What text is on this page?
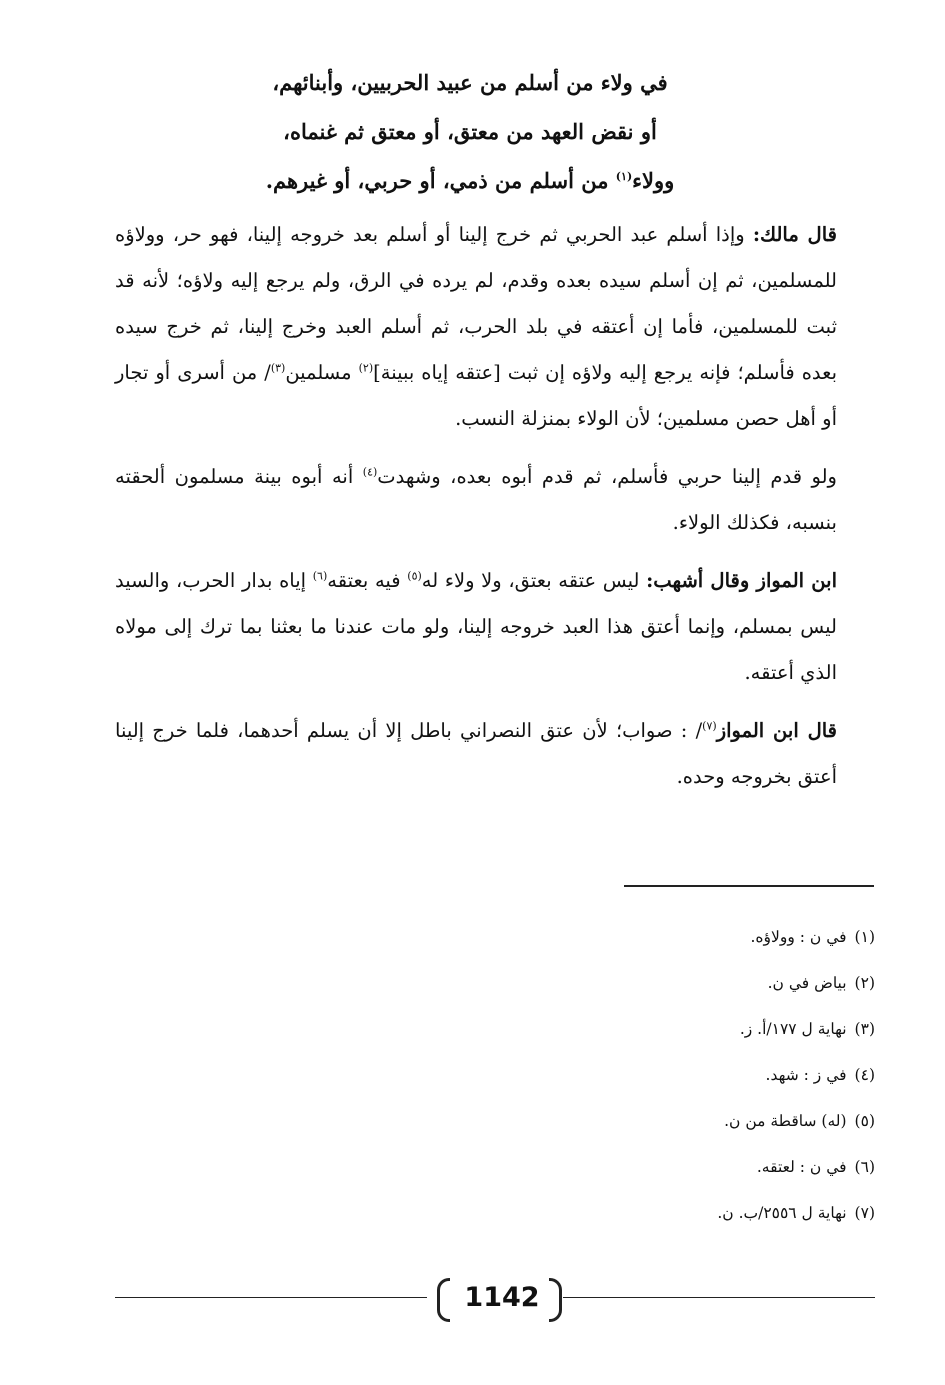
في ولاء من أسلم من عبيد الحربيين، وأبنائهم،
أو نقض العهد من معتق، أو معتق ثم غنماه،
وولاء$^{(١)}$ من أسلم من ذمي، أو حربي، أو غيرهم.

قال مالك: وإذا أسلم عبد الحربي ثم خرج إلينا أو أسلم بعد خروجه إلينا، فهو حر، وولاؤه للمسلمين، ثم إن أسلم سيده بعده وقدم، لم يرده في الرق، ولم يرجع إليه ولاؤه؛ لأنه قد ثبت للمسلمين، فأما إن أعتقه في بلد الحرب، ثم أسلم العبد وخرج إلينا، ثم خرج سيده بعده فأسلم؛ فإنه يرجع إليه ولاؤه إن ثبت [عتقه إياه ببينة]$^{(٢)}$ مسلمين$^{(٣)}$/ من أسرى أو تجار أو أهل حصن مسلمين؛ لأن الولاء بمنزلة النسب.

ولو قدم إلينا حربي فأسلم، ثم قدم أبوه بعده، وشهدت$^{(٤)}$ أنه أبوه بينة مسلمون ألحقته بنسبه، فكذلك الولاء.

ابن المواز وقال أشهب: ليس عتقه بعتق، ولا ولاء له$^{(٥)}$ فيه بعتقه$^{(٦)}$ إياه بدار الحرب، والسيد ليس بمسلم، وإنما أعتق هذا العبد خروجه إلينا، ولو مات عندنا ما بعثنا بما ترك إلى مولاه الذي أعتقه.

قال ابن المواز$^{(٧)}$/ : صواب؛ لأن عتق النصراني باطل إلا أن يسلم أحدهما، فلما خرج إلينا أعتق بخروجه وحده.

(١)في ن : وولاؤه.
(٢)بياض في ن.
(٣)نهاية ل ١٧٧/أ. ز.
(٤)في ز : شهد.
(٥)(له) ساقطة من ن.
(٦)في ن : لعتقه.
(٧)نهاية ل ٢٥٥٦/ب. ن.
1142
